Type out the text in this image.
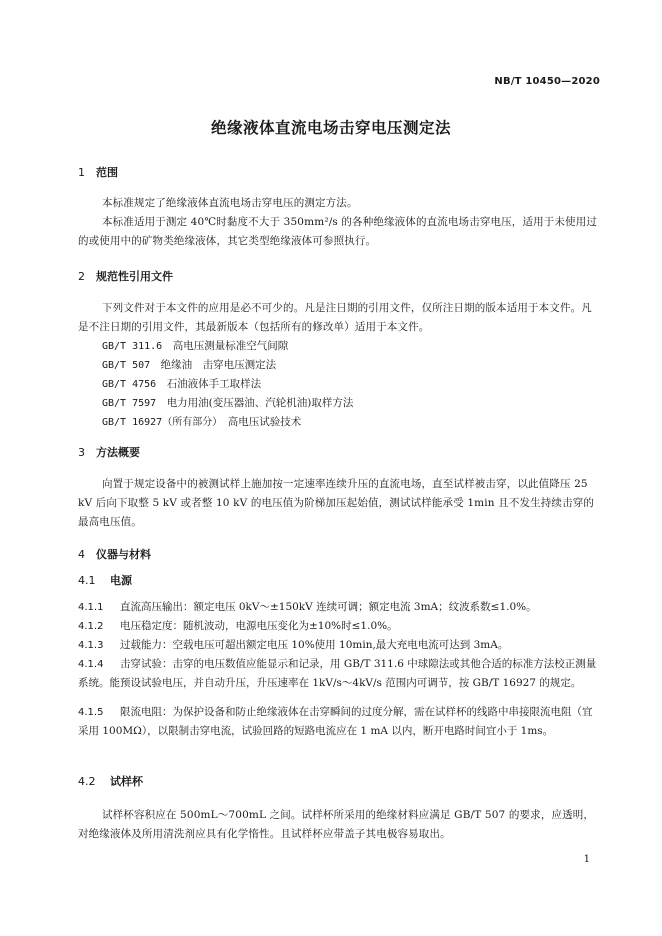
NB/T 10450—2020
绝缘液体直流电场击穿电压测定法
1 范围
本标准规定了绝缘液体直流电场击穿电压的测定方法。
本标准适用于测定 40℃时黏度不大于 350mm²/s 的各种绝缘液体的直流电场击穿电压，适用于未使用过的或使用中的矿物类绝缘液体，其它类型绝缘液体可参照执行。
2 规范性引用文件
下列文件对于本文件的应用是必不可少的。凡是注日期的引用文件，仅所注日期的版本适用于本文件。凡是不注日期的引用文件，其最新版本（包括所有的修改单）适用于本文件。
GB/T 311.6　 高电压测量标准空气间隙
GB/T 507　 绝缘油　击穿电压测定法
GB/T 4756　 石油液体手工取样法
GB/T 7597　 电力用油(变压器油、汽轮机油)取样方法
GB/T 16927（所有部分）　 高电压试验技术
3 方法概要
向置于规定设备中的被测试样上施加按一定速率连续升压的直流电场，直至试样被击穿，以此值降压 25 kV 后向下取整 5 kV 或者整 10 kV 的电压值为阶梯加压起始值，测试试样能承受 1min 且不发生持续击穿的最高电压值。
4 仪器与材料
4.1 电源
4.1.1 直流高压输出：额定电压 0kV～±150kV 连续可调；额定电流 3mA；纹波系数≤1.0%。
4.1.2 电压稳定度：随机波动，电源电压变化为±10%时≤1.0%。
4.1.3 过载能力：空载电压可超出额定电压 10%使用 10min,最大充电电流可达到 3mA。
4.1.4 击穿试验：击穿的电压数值应能显示和记录，用 GB/T 311.6 中球隙法或其他合适的标准方法校正测量系统。能预设试验电压，并自动升压，升压速率在 1kV/s～4kV/s 范围内可调节，按 GB/T 16927 的规定。
4.1.5 限流电阻：为保护设备和防止绝缘液体在击穿瞬间的过度分解，需在试样杯的线路中串接限流电阻（宜采用 100MΩ），以限制击穿电流，试验回路的短路电流应在 1 mA 以内，断开电路时间宜小于 1ms。
4.2 试样杯
试样杯容积应在 500mL～700mL 之间。试样杯所采用的绝缘材料应满足 GB/T 507 的要求，应透明，对绝缘液体及所用清洗剂应具有化学惰性。且试样杯应带盖子其电极容易取出。
1
